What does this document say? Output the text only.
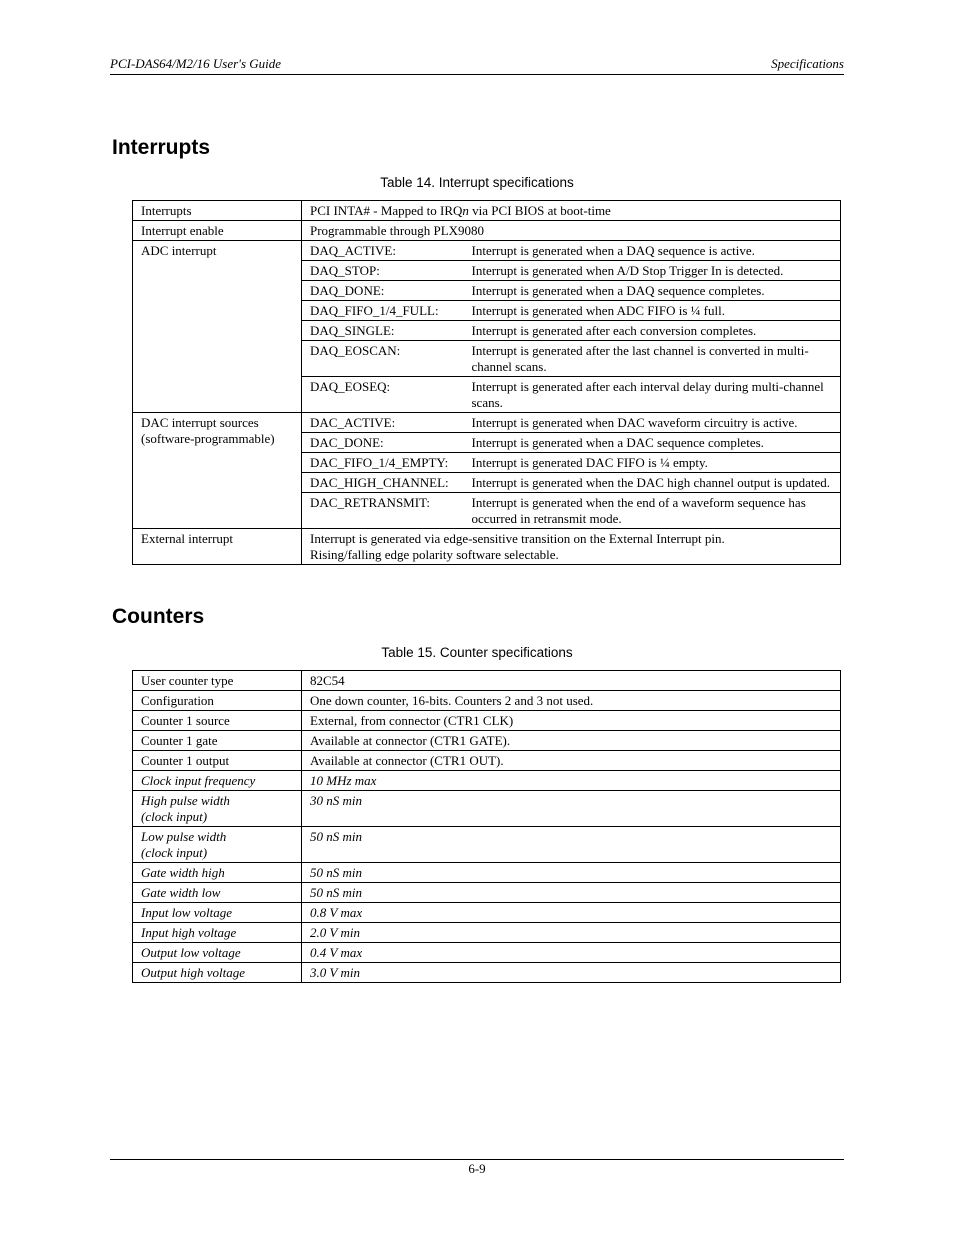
PCI-DAS64/M2/16 User's Guide	Specifications
Interrupts
Table 14. Interrupt specifications
Interrupts	PCI INTA# - Mapped to IRQn via PCI BIOS at boot-time	
Interrupt enable	Programmable through PLX9080	
ADC interrupt	DAQ_ACTIVE:	Interrupt is generated when a DAQ sequence is active.
	DAQ_STOP:	Interrupt is generated when A/D Stop Trigger In is detected.
	DAQ_DONE:	Interrupt is generated when a DAQ sequence completes.
	DAQ_FIFO_1/4_FULL:	Interrupt is generated when ADC FIFO is ¼ full.
	DAQ_SINGLE:	Interrupt is generated after each conversion completes.
	DAQ_EOSCAN:	Interrupt is generated after the last channel is converted in multi-channel scans.
	DAQ_EOSEQ:	Interrupt is generated after each interval delay during multi-channel scans.
DAC interrupt sources
(software-programmable)	DAC_ACTIVE:	Interrupt is generated when DAC waveform circuitry is active.
	DAC_DONE:	Interrupt is generated when a DAC sequence completes.
	DAC_FIFO_1/4_EMPTY:	Interrupt is generated DAC FIFO is ¼ empty.
	DAC_HIGH_CHANNEL:	Interrupt is generated when the DAC high channel output is updated.
	DAC_RETRANSMIT:	Interrupt is generated when the end of a waveform sequence has occurred in retransmit mode.
External interrupt	Interrupt is generated via edge-sensitive transition on the External Interrupt pin.
Rising/falling edge polarity software selectable.	
Counters
Table 15. Counter specifications
User counter type	82C54
Configuration	One down counter, 16-bits. Counters 2 and 3 not used.
Counter 1 source	External, from connector (CTR1 CLK)
Counter 1 gate	Available at connector (CTR1 GATE).
Counter 1 output	Available at connector (CTR1 OUT).
Clock input frequency	10 MHz max
High pulse width
(clock input)	30 nS min
Low pulse width
(clock input)	50 nS min
Gate width high	50 nS min
Gate width low	50 nS min
Input low voltage	0.8 V max
Input high voltage	2.0 V min
Output low voltage	0.4 V max
Output high voltage	3.0 V min
6-9
